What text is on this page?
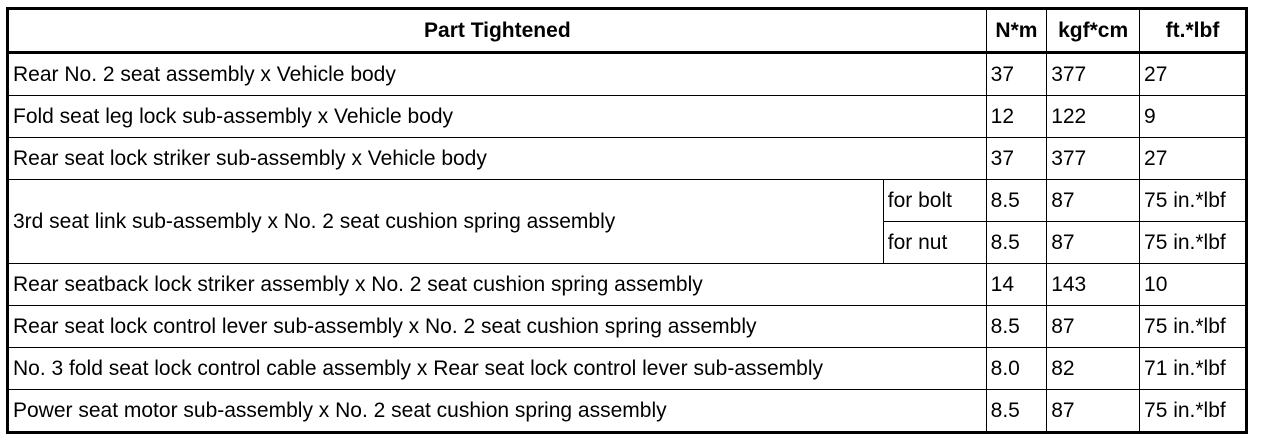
Part Tightened		N*m	kgf*cm	ft.*lbf
Rear No. 2 seat assembly x Vehicle body		37	377	27
Fold seat leg lock sub-assembly x Vehicle body		12	122	9
Rear seat lock striker sub-assembly x Vehicle body		37	377	27
3rd seat link sub-assembly x No. 2 seat cushion spring assembly	for bolt	8.5	87	75 in.*lbf
	for nut	8.5	87	75 in.*lbf
Rear seatback lock striker assembly x No. 2 seat cushion spring assembly		14	143	10
Rear seat lock control lever sub-assembly x No. 2 seat cushion spring assembly		8.5	87	75 in.*lbf
No. 3 fold seat lock control cable assembly x Rear seat lock control lever sub-assembly		8.0	82	71 in.*lbf
Power seat motor sub-assembly x No. 2 seat cushion spring assembly		8.5	87	75 in.*lbf
